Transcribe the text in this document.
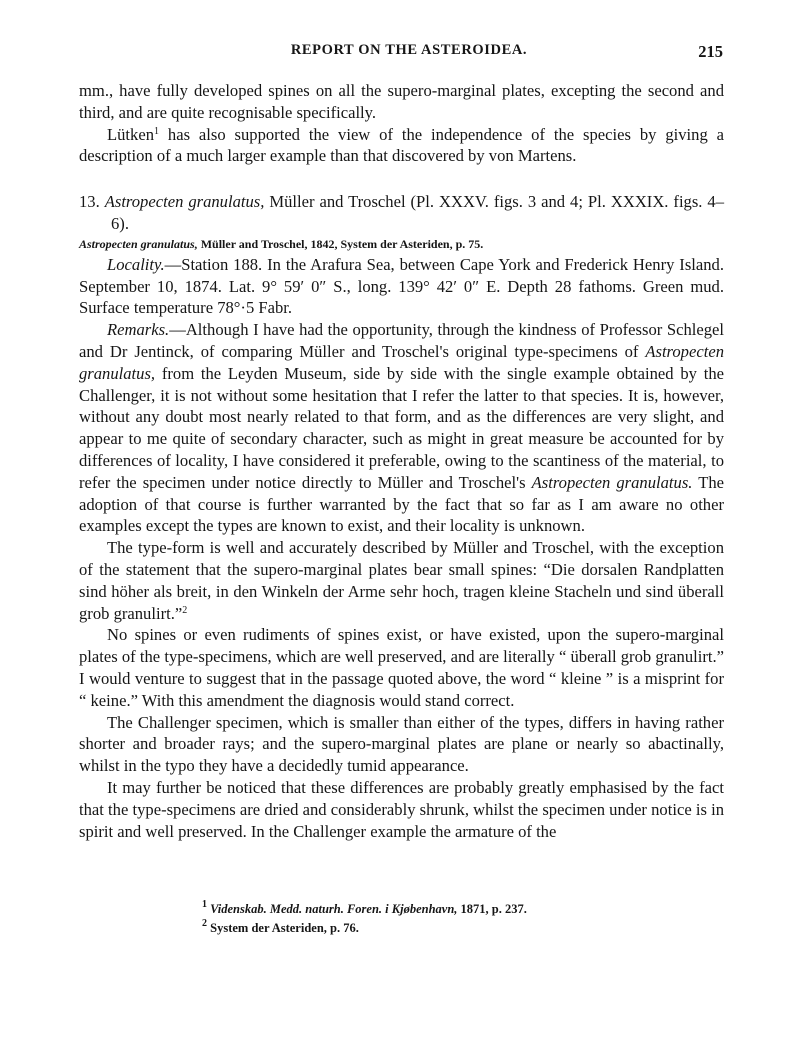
REPORT ON THE ASTEROIDEA.	215

mm., have fully developed spines on all the supero-marginal plates, excepting the second and third, and are quite recognisable specifically.

Lütken$^1$ has also supported the view of the independence of the species by giving a description of a much larger example than that discovered by von Martens.

13. Astropecten granulatus, Müller and Troschel (Pl. XXXV. figs. 3 and 4; Pl. XXXIX. figs. 4–6).

Astropecten granulatus, Müller and Troschel, 1842, System der Asteriden, p. 75.

Locality.—Station 188. In the Arafura Sea, between Cape York and Frederick Henry Island. September 10, 1874. Lat. 9° 59′ 0″ S., long. 139° 42′ 0″ E. Depth 28 fathoms. Green mud. Surface temperature 78°·5 Fabr.

Remarks.—Although I have had the opportunity, through the kindness of Professor Schlegel and Dr Jentinck, of comparing Müller and Troschel's original type-specimens of Astropecten granulatus, from the Leyden Museum, side by side with the single example obtained by the Challenger, it is not without some hesitation that I refer the latter to that species. It is, however, without any doubt most nearly related to that form, and as the differences are very slight, and appear to me quite of secondary character, such as might in great measure be accounted for by differences of locality, I have considered it preferable, owing to the scantiness of the material, to refer the specimen under notice directly to Müller and Troschel's Astropecten granulatus. The adoption of that course is further warranted by the fact that so far as I am aware no other examples except the types are known to exist, and their locality is unknown.

The type-form is well and accurately described by Müller and Troschel, with the exception of the statement that the supero-marginal plates bear small spines: “Die dorsalen Randplatten sind höher als breit, in den Winkeln der Arme sehr hoch, tragen kleine Stacheln und sind überall grob granulirt.”$^2$

No spines or even rudiments of spines exist, or have existed, upon the supero-marginal plates of the type-specimens, which are well preserved, and are literally “ überall grob granulirt.” I would venture to suggest that in the passage quoted above, the word “ kleine ” is a misprint for “ keine.” With this amendment the diagnosis would stand correct.

The Challenger specimen, which is smaller than either of the types, differs in having rather shorter and broader rays; and the supero-marginal plates are plane or nearly so abactinally, whilst in the typo they have a decidedly tumid appearance.

It may further be noticed that these differences are probably greatly emphasised by the fact that the type-specimens are dried and considerably shrunk, whilst the specimen under notice is in spirit and well preserved. In the Challenger example the armature of the

$^1$ Videnskab. Medd. naturh. Foren. i Kjøbenhavn, 1871, p. 237.

$^2$ System der Asteriden, p. 76.
